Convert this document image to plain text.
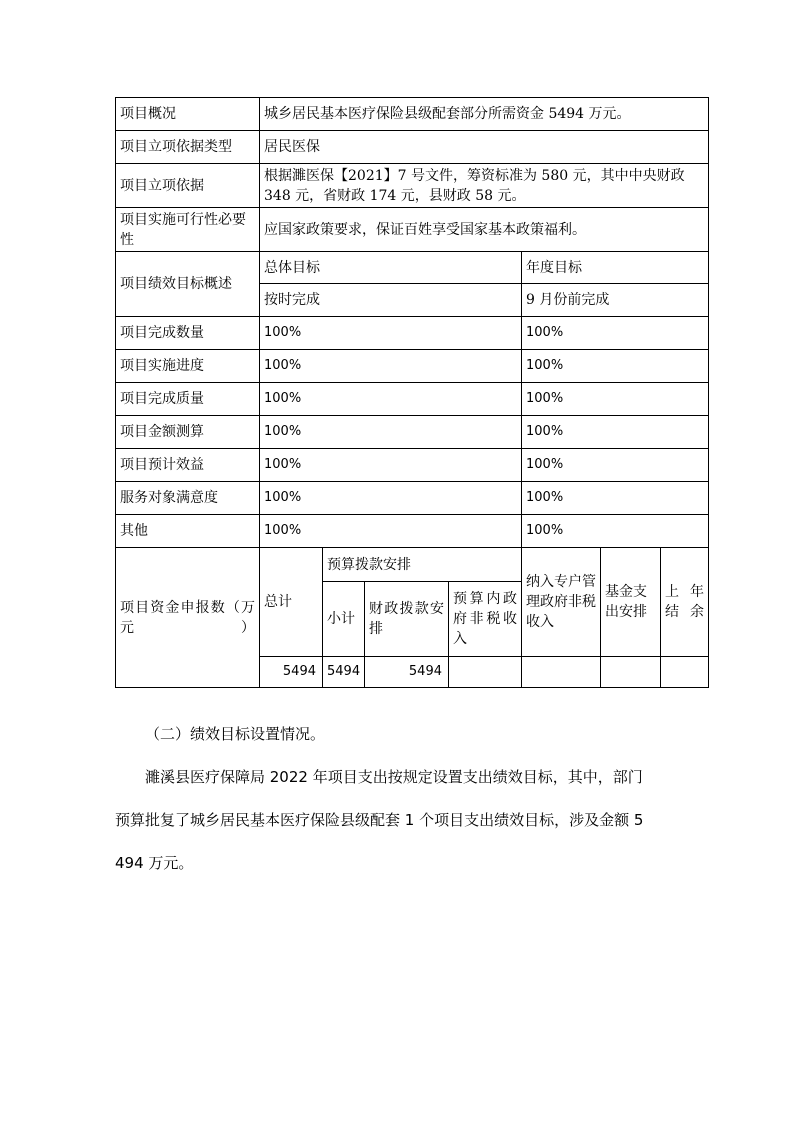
项目概况	城乡居民基本医疗保险县级配套部分所需资金 5494 万元。						
项目立项依据类型	居民医保						
项目立项依据	根据濉医保【2021】7 号文件，筹资标准为 580 元，其中中央财政 348 元，省财政 174 元，县财政 58 元。						
项目实施可行性必要性	应国家政策要求，保证百姓享受国家基本政策福利。						
项目绩效目标概述	总体目标				年度目标		
	按时完成				9 月份前完成		
项目完成数量	100%				100%		
项目实施进度	100%				100%		
项目完成质量	100%				100%		
项目金额测算	100%				100%		
项目预计效益	100%				100%		
服务对象满意度	100%				100%		
其他	100%				100%		
项目资金申报数（万元）	总计	预算拨款安排			纳入专户管理政府非税收入	基金支出安排	上年结余
		小计	财政拨款安排	预算内政府非税收入			
	5494	5494	5494				
（二）绩效目标设置情况。
濉溪县医疗保障局 2022 年项目支出按规定设置支出绩效目标，其中，部门
预算批复了城乡居民基本医疗保险县级配套 1 个项目支出绩效目标，涉及金额 5
494 万元。
